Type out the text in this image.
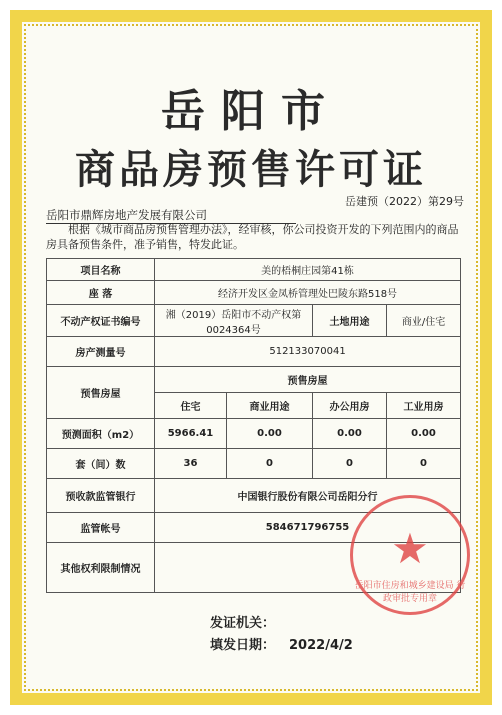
岳阳市
商品房预售许可证
岳建预（2022）第29号
岳阳市鼎辉房地产发展有限公司
根据《城市商品房预售管理办法》，经审核，你公司投资开发的下列范围内的商品房具备预售条件，准予销售，特发此证。
项目名称	美的梧桐庄园第41栋			
座 落	经济开发区金凤桥管理处巴陵东路518号			
不动产权证书编号	湘（2019）岳阳市不动产权第0024364号		土地用途	商业/住宅
房产测量号	512133070041			
预售房屋	预售房屋			
	住宅	商业用途	办公用房	工业用房
预测面积（m2）	5966.41	0.00	0.00	0.00
套（间）数	36	0	0	0
预收款监管银行	中国银行股份有限公司岳阳分行			
监管帐号	584671796755			
其他权利限制情况					★
岳阳市住房和城乡建设局 行政审批专用章
发证机关：
填发日期： 2022/4/2
